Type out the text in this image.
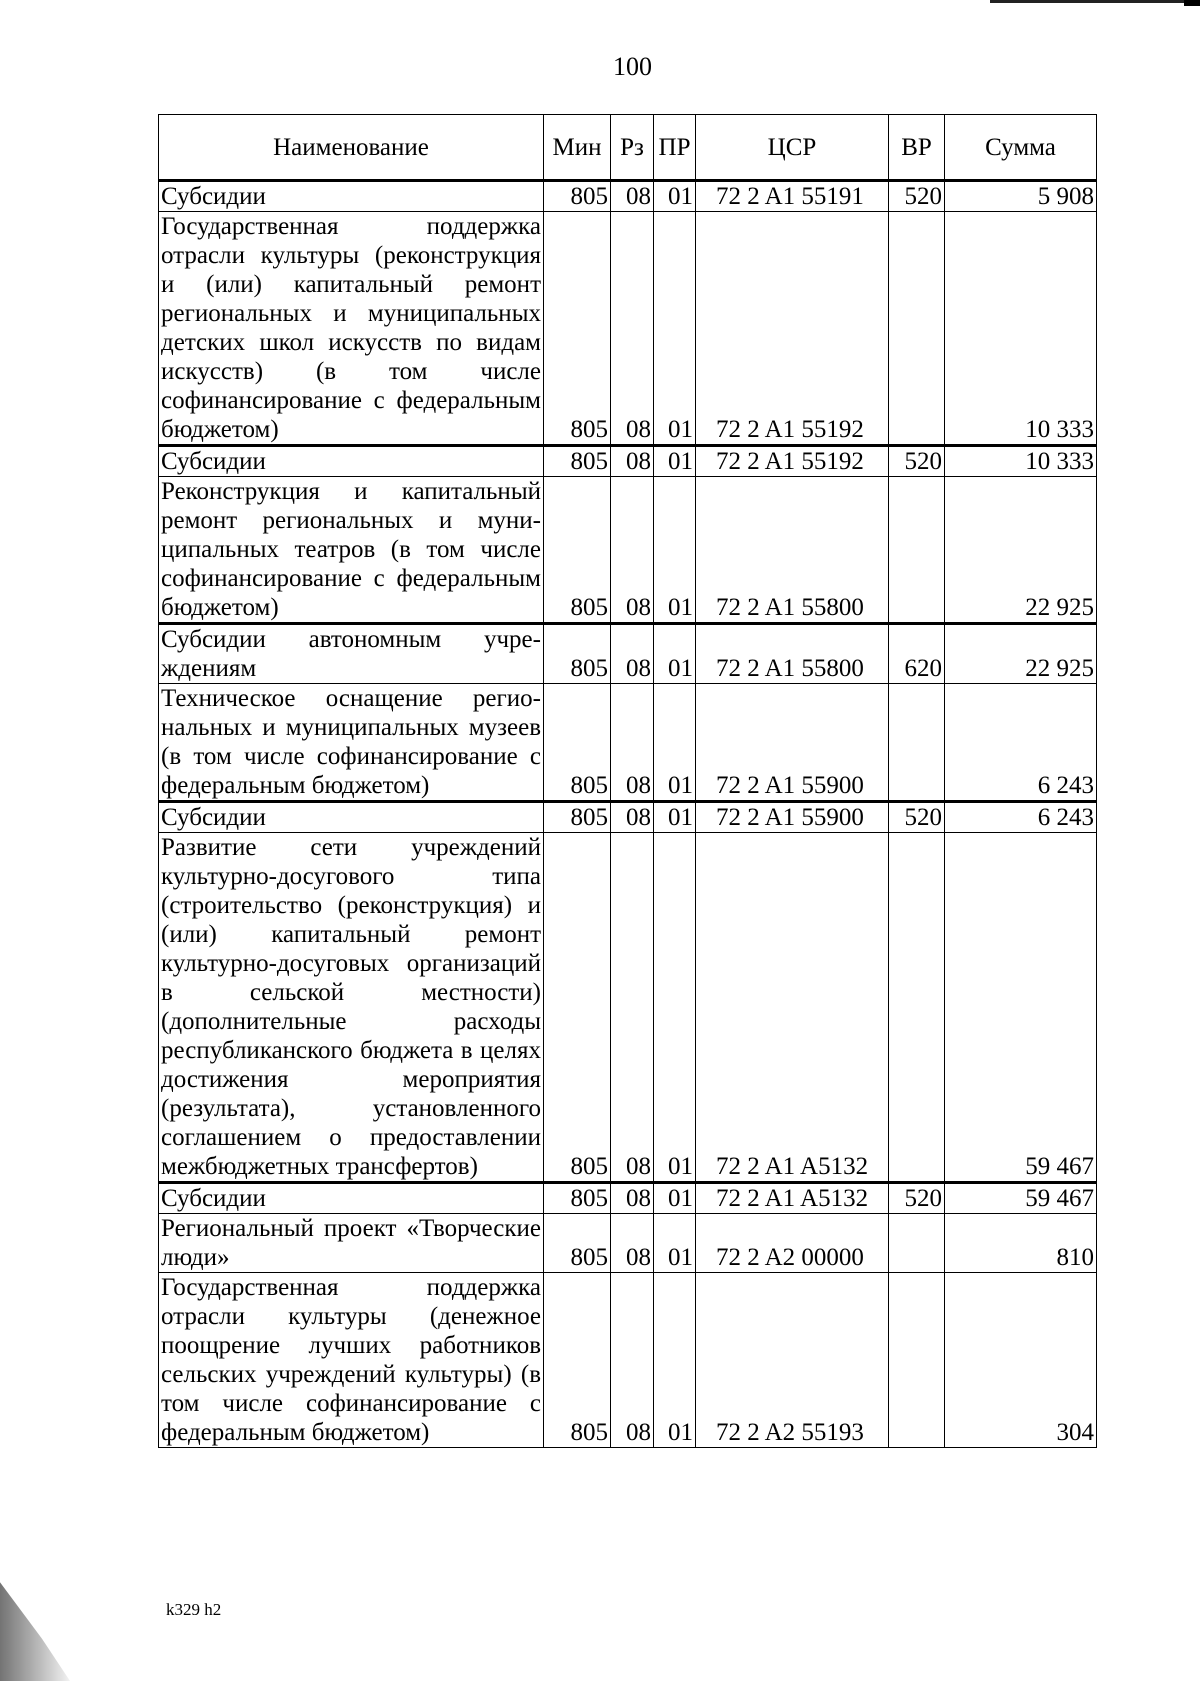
100
Наименование	Мин	Рз	ПР	ЦСР	ВР	Сумма
Субсидии	805	08	01	72 2 A1 55191	520	5 908
Государственная поддержка отрасли культуры (реконструкция и (или) капитальный ремонт региональных и муниципальных детских школ искусств по видам искусств) (в том числе софинансирование с федеральным бюджетом)	805	08	01	72 2 A1 55192		10 333
Субсидии	805	08	01	72 2 A1 55192	520	10 333
Реконструкция и капитальный ремонт региональных и муниципальных театров (в том числе софинансирование с федеральным бюджетом)	805	08	01	72 2 A1 55800		22 925
Субсидии автономным учреждениям	805	08	01	72 2 A1 55800	620	22 925
Техническое оснащение региональных и муниципальных музеев (в том числе софинансирование с федеральным бюджетом)	805	08	01	72 2 A1 55900		6 243
Субсидии	805	08	01	72 2 A1 55900	520	6 243
Развитие сети учреждений культурно-досугового типа (строительство (реконструкция) и (или) капитальный ремонт культурно-досуговых организаций в сельской местности) (дополнительные расходы республиканского бюджета в целях достижения мероприятия (результата), установленного соглашением о предоставлении межбюджетных трансфертов)	805	08	01	72 2 A1 A5132		59 467
Субсидии	805	08	01	72 2 A1 A5132	520	59 467
Региональный проект «Творческие люди»	805	08	01	72 2 A2 00000		810
Государственная поддержка отрасли культуры (денежное поощрение лучших работников сельских учреждений культуры) (в том числе софинансирование с федеральным бюджетом)	805	08	01	72 2 A2 55193		304
k329 h2
